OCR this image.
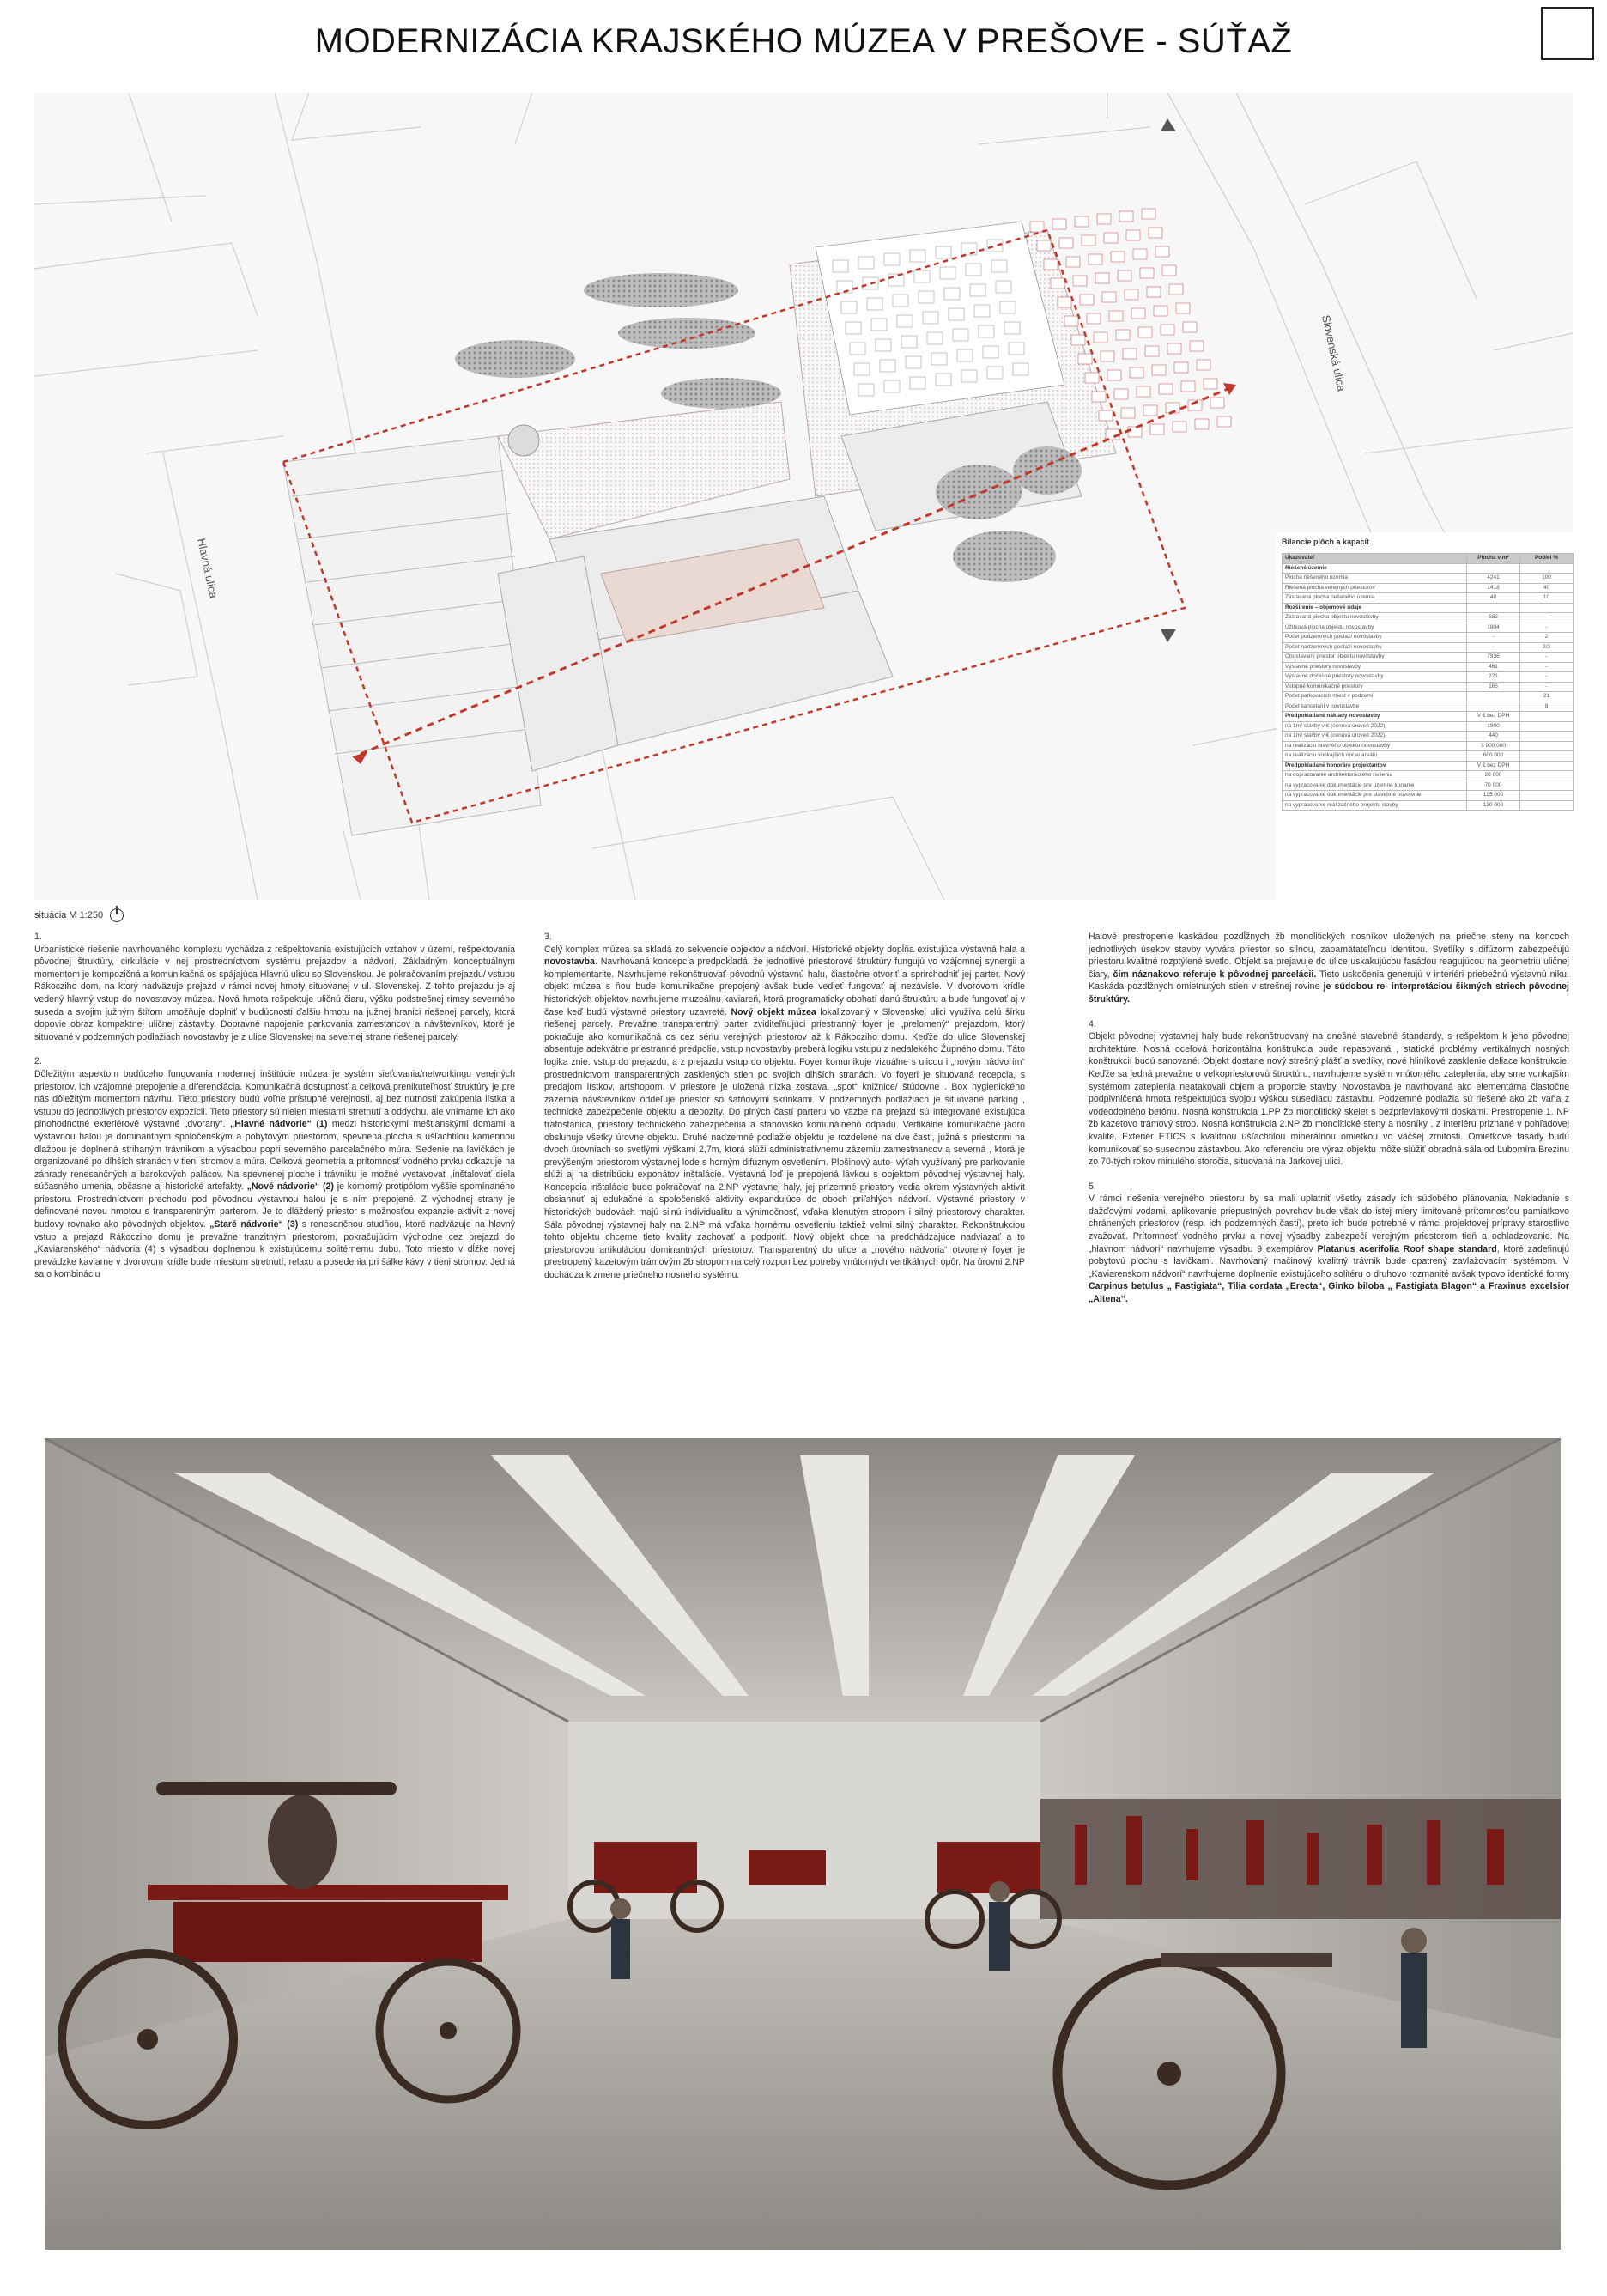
MODERNIZÁCIA KRAJSKÉHO MÚZEA V PREŠOVE - SÚŤAŽ
Hlavná ulica
Slovenská ulica
Bilancie plôch a kapacít
Ukazovateľ	Plocha v m²	Podiel %
Riešené územie		
Plocha riešeného územia	4241	100
Riešená plocha verejných priestorov	1418	40
Zastavaná plocha riešeného územia	48	10
Rozšírenie – objemové údaje		
Zastavaná plocha objektu novostavby	582	-
Úžitková plocha objektu novostavby	1804	-
Počet podzemných podlaží novostavby	-	2
Počet nadzemných podlaží novostavby	-	2/3
Obostavaný priestor objektu novostavby	7936	-
Výstavné priestory novostavby	461	-
Výstavné dočasné priestory novostavby	221	-
Vstupné komunikačné priestory	165	-
Počet parkovacích miest v podzemí		21
Počet kancelárií v novostavbe		8
Predpokladané náklady novostavby	V € bez DPH	
na 1m² stavby v € (cenová úroveň 2022)	1900	
na 1m³ stavby v € (cenová úroveň 2022)	440	
na realizáciu hlavného objektu novostavby	3 900 000	
na realizáciu vonkajších úprav areálu	600 000	
Predpokladané honoráre projektantov	V € bez DPH	
na dopracovanie architektonického riešenia	20 000	
na vypracovanie dokumentácie pre územné konanie	70 000	
na vypracovanie dokumentácie pre stavebné povolenie	125 000	
na vypracovanie realizačného projektu stavby	130 000	
situácia M 1:250

1.
Urbanistické riešenie navrhovaného komplexu vychádza z rešpektovania existujúcich vzťahov v území, rešpektovania pôvodnej štruktúry, cirkulácie v nej prostredníctvom systému prejazdov a nádvorí. Základným konceptuálnym momentom je kompozičná a komunikačná os spájajúca Hlavnú ulicu so Slovenskou. Je pokračovaním prejazdu/ vstupu Rákocziho dom, na ktorý nadväzuje prejazd v rámci novej hmoty situovanej v ul. Slovenskej. Z tohto prejazdu je aj vedený hlavný vstup do novostavby múzea. Nová hmota rešpektuje uličnú čiaru, výšku podstrešnej rímsy severného suseda a svojim južným štítom umožňuje doplniť v budúcnosti ďalšiu hmotu na južnej hranici riešenej parcely, ktorá dopovie obraz kompaktnej uličnej zástavby. Dopravné napojenie parkovania zamestancov a návštevníkov, ktoré je situované v podzemných podlažiach novostavby je z ulice Slovenskej na severnej strane riešenej parcely.

2.
Dôležitým aspektom budúceho fungovania modernej inštitúcie múzea je systém sieťovania/networkingu verejných priestorov, ich vzájomné prepojenie a diferenciácia. Komunikačná dostupnosť a celková prenikuteľnosť štruktúry je pre nás dôležitým momentom návrhu. Tieto priestory budú voľne prístupné verejnosti, aj bez nutnosti zakúpenia lístka a vstupu do jednotlivých priestorov expozícii. Tieto priestory sú nielen miestami stretnutí a oddychu, ale vnímame ich ako plnohodnotné exteriérové výstavné „dvorany“. „Hlavné nádvorie“ (1) medzi historickými meštianskými domami a výstavnou halou je dominantným spoločenským a pobytovým priestorom, spevnená plocha s ušľachtilou kamennou dlažbou je doplnená strihaným trávnikom a výsadbou popri severného parcelačného múra. Sedenie na lavičkách je organizované po dlhších stranách v tieni stromov a múra. Celková geometria a prítomnosť vodného prvku odkazuje na záhrady renesančných a barokových palácov. Na spevnenej ploche i trávniku je možné vystavovať ,inštalovať diela súčasného umenia, občasne aj historické artefakty. „Nové nádvorie“ (2) je komorný protipólom vyššie spomínaného priestoru. Prostredníctvom prechodu pod pôvodnou výstavnou halou je s ním prepojené. Z východnej strany je definované novou hmotou s transparentným parterom. Je to dláždený priestor s možnosťou expanzie aktivít z novej budovy rovnako ako pôvodných objektov. „Staré nádvorie“ (3) s renesančnou studňou, ktoré nadväzuje na hlavný vstup a prejazd Rákocziho domu je prevažne tranzitným priestorom, pokračujúcim východne cez prejazd do „Kaviarenského“ nádvoria (4) s výsadbou doplnenou k existujúcemu solitérnemu dubu. Toto miesto v dĺžke novej prevádzke kaviarne v dvorovom krídle bude miestom stretnutí, relaxu a posedenia pri šálke kávy v tieni stromov. Jedná sa o kombináciu

3.
Celý komplex múzea sa skladá zo sekvencie objektov a nádvorí. Historické objekty dopĺňa existujúca výstavná hala a novostavba. Navrhovaná koncepcia predpokladá, že jednotlivé priestorové štruktúry fungujú vo vzájomnej synergii a komplementarite. Navrhujeme rekonštruovať pôvodnú výstavnú halu, čiastočne otvoriť a sprirchodniť jej parter. Nový objekt múzea s ňou bude komunikačne prepojený avšak bude vedieť fungovať aj nezávisle. V dvorovom krídle historických objektov navrhujeme muzeálnu kaviareň, ktorá programaticky obohatí danú štruktúru a bude fungovať aj v čase keď budú výstavné priestory uzavreté. Nový objekt múzea lokalizovaný v Slovenskej ulici využíva celú šírku riešenej parcely. Prevažne transparentný parter zviditeľňujúci priestranný foyer je „prelomený“ prejazdom, ktorý pokračuje ako komunikačná os cez sériu verejných priestorov až k Rákocziho domu. Keďže do ulice Slovenskej absentuje adekvátne priestranné predpolie, vstup novostavby preberá logiku vstupu z nedalekého Župného domu. Táto logika znie: vstup do prejazdu, a z prejazdu vstup do objektu. Foyer komunikuje vizuálne s ulicou i „novým nádvorím“ prostredníctvom transparentných zasklených stien po svojich dlhších stranách. Vo foyeri je situovaná recepcia, s predajom lístkov, artshopom. V priestore je uložená nízka zostava, „spot“ knižnice/ štúdovne . Box hygienického zázemia návštevníkov oddeľuje priestor so šatňovými skrinkami. V podzemných podlažiach je situované parking , technické zabezpečenie objektu a depozity. Do plných častí parteru vo väzbe na prejazd sú integrované existujúca trafostanica, priestory technického zabezpečenia a stanovisko komunálneho odpadu. Vertikálne komunikačné jadro obsluhuje všetky úrovne objektu. Druhé nadzemné podlažie objektu je rozdelené na dve časti, južná s priestormi na dvoch úrovniach so svetlými výškami 2,7m, ktorá slúži administratívnemu zázemiu zamestnancov a severná , ktorá je prevýšeným priestorom výstavnej lode s horným difúznym osvetlením. Plošinový auto- výťah využívaný pre parkovanie slúži aj na distribúciu exponátov inštalácie. Výstavná loď je prepojená lávkou s objektom pôvodnej výstavnej haly. Koncepcia inštalácie bude pokračovať na 2.NP výstavnej haly, jej prízemné priestory vedia okrem výstavných aktivít obsiahnuť aj edukačné a spoločenské aktivity expandujúce do oboch priľahlých nádvorí. Výstavné priestory v historických budovách majú silnú individualitu a výnimočnosť, vďaka klenutým stropom i silný priestorový charakter. Sála pôvodnej výstavnej haly na 2.NP má vďaka hornému osvetleniu taktiež veľmi silný charakter. Rekonštrukciou tohto objektu chceme tieto kvality zachovať a podporiť. Nový objekt chce na predchádzajúce nadviazať a to priestorovou artikuláciou dominantných priestorov. Transparentný do ulice a „nového nádvoria“ otvorený foyer je prestropený kazetovým trámovým 2b stropom na celý rozpon bez potreby vnútorných vertikálnych opôr. Na úrovni 2.NP dochádza k zmene priečneho nosného systému.

Halové prestropenie kaskádou pozdĺžnych žb monolitických nosníkov uložených na priečne steny na koncoch jednotlivých úsekov stavby vytvára priestor so silnou, zapamätateľnou identitou. Svetlíky s difúzorm zabezpečujú priestoru kvalitné rozptýlené svetlo. Objekt sa prejavuje do ulice uskakujúcou fasádou reagujúcou na geometriu uličnej čiary, čím náznakovo referuje k pôvodnej parcelácii. Tieto uskočenia generujú v interiéri priebežnú výstavnú niku. Kaskáda pozdĺžnych omietnutých stien v strešnej rovine je súdobou re- interpretáciou šikmých striech pôvodnej štruktúry.

4.
Objekt pôvodnej výstavnej haly bude rekonštruovaný na dnešné stavebné štandardy, s rešpektom k jeho pôvodnej architektúre. Nosná oceľová horizontálna konštrukcia bude repasovaná , statické problémy vertikálnych nosných konštrukcií budú sanované. Objekt dostane nový strešný plášť a svetlíky, nové hliníkové zasklenie deliace konštrukcie. Keďže sa jedná prevažne o velkopriestorovú štruktúru, navrhujeme systém vnútorného zateplenia, aby sme vonkajším systémom zateplenia neatakovali objem a proporcie stavby. Novostavba je navrhovaná ako elementárna čiastočne podpivničená hmota rešpektujúca svojou výškou susediacu zástavbu. Podzemné podlažia sú riešené ako 2b vaňa z vodeodolného betónu. Nosná konštrukcia 1.PP žb monolitický skelet s bezprievlakovými doskami. Prestropenie 1. NP žb kazetovo trámový strop. Nosná konštrukcia 2.NP žb monolitické steny a nosníky , z interiéru priznané v pohľadovej kvalite. Exteriér ETICS s kvalitnou ušľachtilou minerálnou omietkou vo väčšej zrnitosti. Omietkové fasády budú komunikovať so susednou zástavbou. Ako referenciu pre výraz objektu môže slúžiť obradná sála od Ľubomíra Brezinu zo 70-tých rokov minulého storočia, situovaná na Jarkovej ulici.

5.
V rámci riešenia verejného priestoru by sa mali uplatniť všetky zásady ich súdobého plánovania. Nakladanie s dažďovými vodami, aplikovanie priepustných povrchov bude však do istej miery limitované prítomnosťou pamiatkovo chránených priestorov (resp. ich podzemných častí), preto ich bude potrebné v rámci projektovej prípravy starostlivo zvažovať. Prítomnosť vodného prvku a novej výsadby zabezpečí verejným priestorom tieň a ochladzovanie. Na „hlavnom nádvorí“ navrhujeme výsadbu 9 exemplárov Platanus acerifolia Roof shape standard, ktoré zadefinujú pobytovú plochu s lavičkami. Navrhovaný mačinový kvalitný trávnik bude opatrený zavlažovacím systémom. V „Kaviarenskom nádvorí“ navrhujeme doplnenie existujúceho solitéru o druhovo rozmanité avšak typovo identické formy Carpinus betulus „ Fastigiata“, Tilia cordata „Erecta“, Ginko biloba „ Fastigiata Blagon“ a Fraxinus excelsior „Altena“.
